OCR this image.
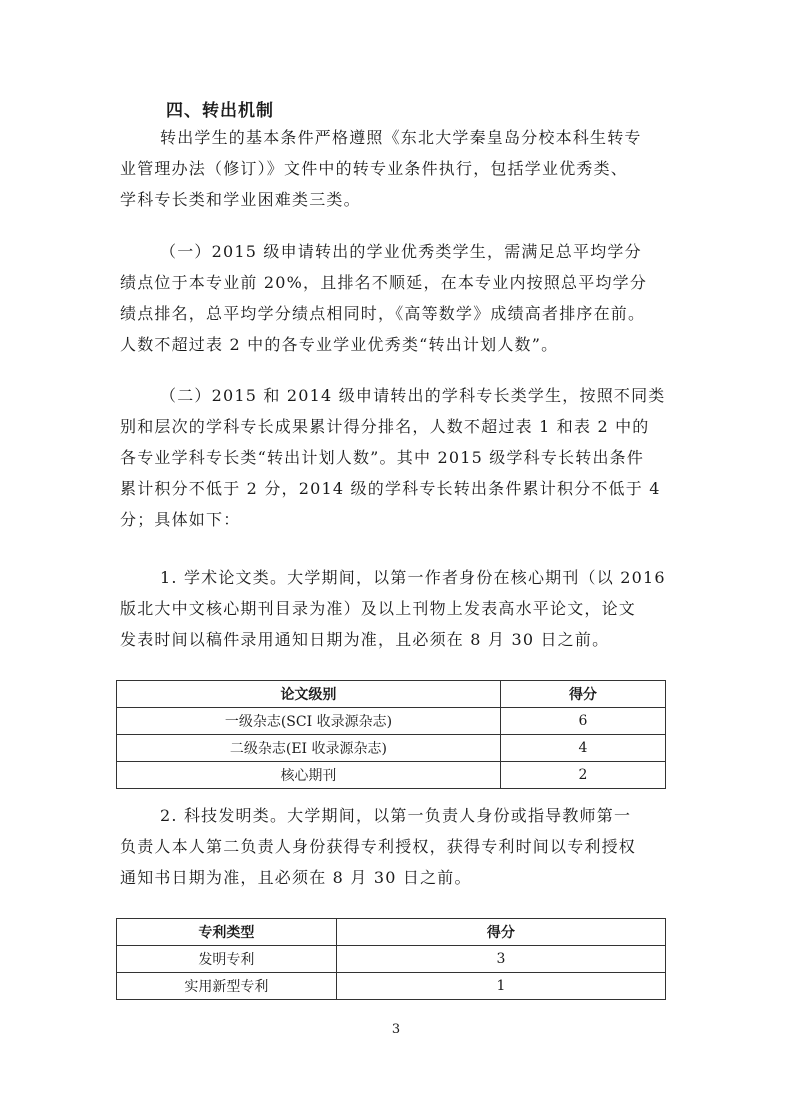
四、转出机制
转出学生的基本条件严格遵照《东北大学秦皇岛分校本科生转专
业管理办法（修订）》文件中的转专业条件执行，包括学业优秀类、
学科专长类和学业困难类三类。
（一）2015 级申请转出的学业优秀类学生，需满足总平均学分
绩点位于本专业前 20%，且排名不顺延，在本专业内按照总平均学分
绩点排名，总平均学分绩点相同时，《高等数学》成绩高者排序在前。
人数不超过表 2 中的各专业学业优秀类“转出计划人数”。
（二）2015 和 2014 级申请转出的学科专长类学生，按照不同类
别和层次的学科专长成果累计得分排名，人数不超过表 1 和表 2 中的
各专业学科专长类“转出计划人数”。其中 2015 级学科专长转出条件
累计积分不低于 2 分，2014 级的学科专长转出条件累计积分不低于 4
分；具体如下：
1. 学术论文类。大学期间，以第一作者身份在核心期刊（以 2016
版北大中文核心期刊目录为准）及以上刊物上发表高水平论文，论文
发表时间以稿件录用通知日期为准，且必须在 8 月 30 日之前。
论文级别	得分
一级杂志(SCI 收录源杂志)	6
二级杂志(EI 收录源杂志)	4
核心期刊	2
2. 科技发明类。大学期间，以第一负责人身份或指导教师第一
负责人本人第二负责人身份获得专利授权，获得专利时间以专利授权
通知书日期为准，且必须在 8 月 30 日之前。
专利类型	得分
发明专利	3
实用新型专利	1
3
